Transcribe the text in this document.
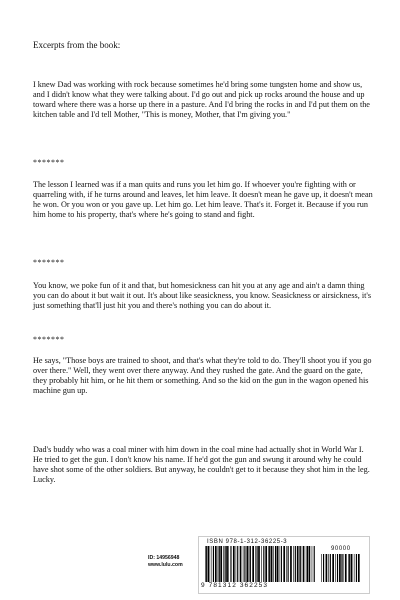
Excerpts from the book:

I knew Dad was working with rock because sometimes he'd bring some tungsten home and show us, and I didn't know what they were talking about. I'd go out and pick up rocks around the house and up toward where there was a horse up there in a pasture. And I'd bring the rocks in and I'd put them on the kitchen table and I'd tell Mother, "This is money, Mother, that I'm giving you."

*******

The lesson I learned was if a man quits and runs you let him go. If whoever you're fighting with or quarreling with, if he turns around and leaves, let him leave. It doesn't mean he gave up, it doesn't mean he won. Or you won or you gave up. Let him go. Let him leave. That's it. Forget it. Because if you run him home to his property, that's where he's going to stand and fight.

*******

You know, we poke fun of it and that, but homesickness can hit you at any age and ain't a damn thing you can do about it but wait it out. It's about like seasickness, you know. Seasickness or airsickness, it's just something that'll just hit you and there's nothing you can do about it.

*******

He says, "Those boys are trained to shoot, and that's what they're told to do. They'll shoot you if you go over there." Well, they went over there anyway. And they rushed the gate. And the guard on the gate, they probably hit him, or he hit them or something. And so the kid on the gun in the wagon opened his machine gun up.

Dad's buddy who was a coal miner with him down in the coal mine had actually shot in World War I. He tried to get the gun. I don't know his name. If he'd got the gun and swung it around why he could have shot some of the other soldiers. But anyway, he couldn't get to it because they shot him in the leg. Lucky.

ID: 14956948
www.lulu.com
ISBN 978-1-312-36225-3
90000
9 781312 362253
